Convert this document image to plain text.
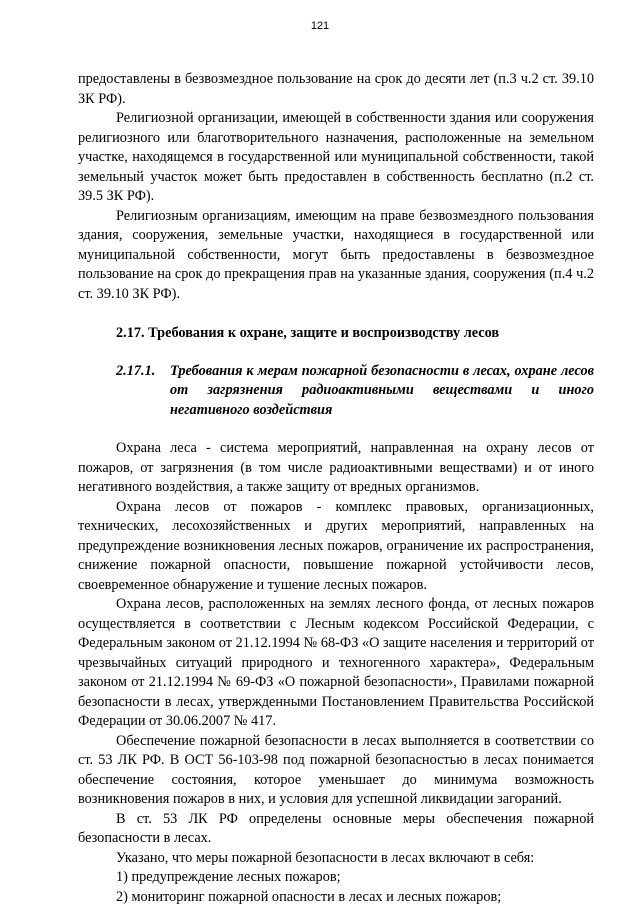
121

предоставлены в безвозмездное пользование на срок до десяти лет (п.3 ч.2 ст. 39.10 ЗК РФ).

Религиозной организации, имеющей в собственности здания или сооружения религиозного или благотворительного назначения, расположенные на земельном участке, находящемся в государственной или муниципальной собственности, такой земельный участок может быть предоставлен в собственность бесплатно (п.2 ст. 39.5 ЗК РФ).

Религиозным организациям, имеющим на праве безвозмездного пользования здания, сооружения, земельные участки, находящиеся в государственной или муниципальной собственности, могут быть предоставлены в безвозмездное пользование на срок до прекращения прав на указанные здания, сооружения (п.4 ч.2 ст. 39.10 ЗК РФ).

2.17. Требования к охране, защите и воспроизводству лесов

2.17.1. Требования к мерам пожарной безопасности в лесах, охране лесов от загрязнения радиоактивными веществами и иного негативного воздействия

Охрана леса - система мероприятий, направленная на охрану лесов от пожаров, от загрязнения (в том числе радиоактивными веществами) и от иного негативного воздействия, а также защиту от вредных организмов.

Охрана лесов от пожаров - комплекс правовых, организационных, технических, лесохозяйственных и других мероприятий, направленных на предупреждение возникновения лесных пожаров, ограничение их распространения, снижение пожарной опасности, повышение пожарной устойчивости лесов, своевременное обнаружение и тушение лесных пожаров.

Охрана лесов, расположенных на землях лесного фонда, от лесных пожаров осуществляется в соответствии с Лесным кодексом Российской Федерации, с Федеральным законом от 21.12.1994 № 68-ФЗ «О защите населения и территорий от чрезвычайных ситуаций природного и техногенного характера», Федеральным законом от 21.12.1994 № 69-ФЗ «О пожарной безопасности», Правилами пожарной безопасности в лесах, утвержденными Постановлением Правительства Российской Федерации от 30.06.2007 № 417.

Обеспечение пожарной безопасности в лесах выполняется в соответствии со ст. 53 ЛК РФ. В ОСТ 56-103-98 под пожарной безопасностью в лесах понимается обеспечение состояния, которое уменьшает до минимума возможность возникновения пожаров в них, и условия для успешной ликвидации загораний.

В ст. 53 ЛК РФ определены основные меры обеспечения пожарной безопасности в лесах.

Указано, что меры пожарной безопасности в лесах включают в себя:

1) предупреждение лесных пожаров;

2) мониторинг пожарной опасности в лесах и лесных пожаров;
